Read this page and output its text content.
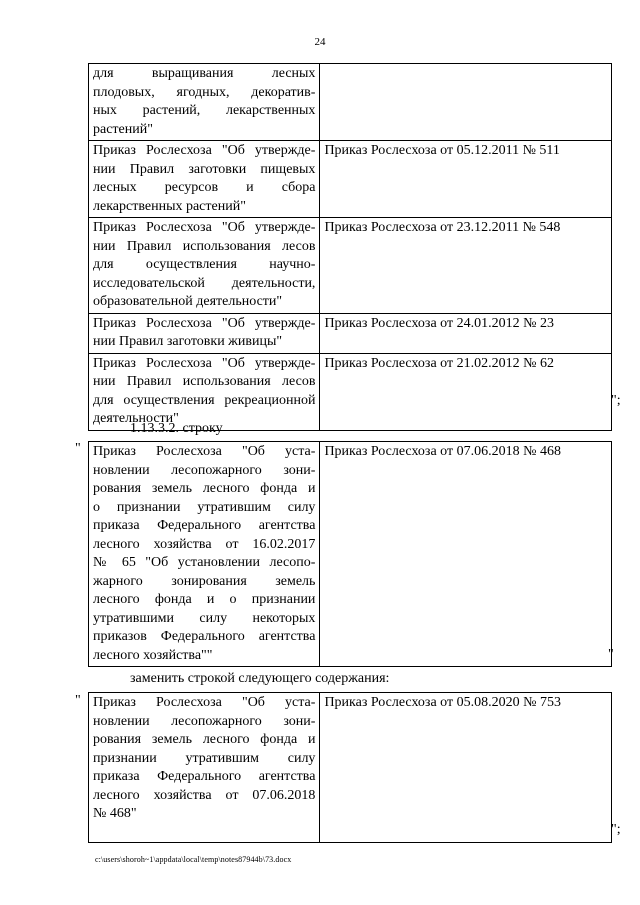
24
для выращивания лесных
плодовых, ягодных, декоратив-
ных растений, лекарственных
растений"	

Приказ Рослесхоза "Об утвержде-
нии Правил заготовки пищевых
лесных ресурсов и сбора
лекарственных растений"	Приказ Рослесхоза от 05.12.2011 № 511

Приказ Рослесхоза "Об утвержде-
нии Правил использования лесов
для осуществления научно-
исследовательской деятельности,
образовательной деятельности"	Приказ Рослесхоза от 23.12.2011 № 548

Приказ Рослесхоза "Об утвержде-
нии Правил заготовки живицы"	Приказ Рослесхоза от 24.01.2012 № 23

Приказ Рослесхоза "Об утвержде-
нии Правил использования лесов
для осуществления рекреационной
деятельности"	Приказ Рослесхоза от 21.02.2012 № 62
";
1.13.3.2. строку
" Приказ Рослесхоза "Об уста-
новлении лесопожарного зони-
рования земель лесного фонда и
о признании утратившим силу
приказа Федерального агентства
лесного хозяйства от 16.02.2017
№ 65 "Об установлении лесопо-
жарного зонирования земель
лесного фонда и о признании
утратившими силу некоторых
приказов Федерального агентства
лесного хозяйства""
	Приказ Рослесхоза от 07.06.2018 № 468
"
заменить строкой следующего содержания:
" Приказ Рослесхоза "Об уста-
новлении лесопожарного зони-
рования земель лесного фонда и
признании утратившим силу
приказа Федерального агентства
лесного хозяйства от 07.06.2018
№ 468"
	Приказ Рослесхоза от 05.08.2020 № 753
";
c:\users\shoroh~1\appdata\local\temp\notes87944b\73.docx
